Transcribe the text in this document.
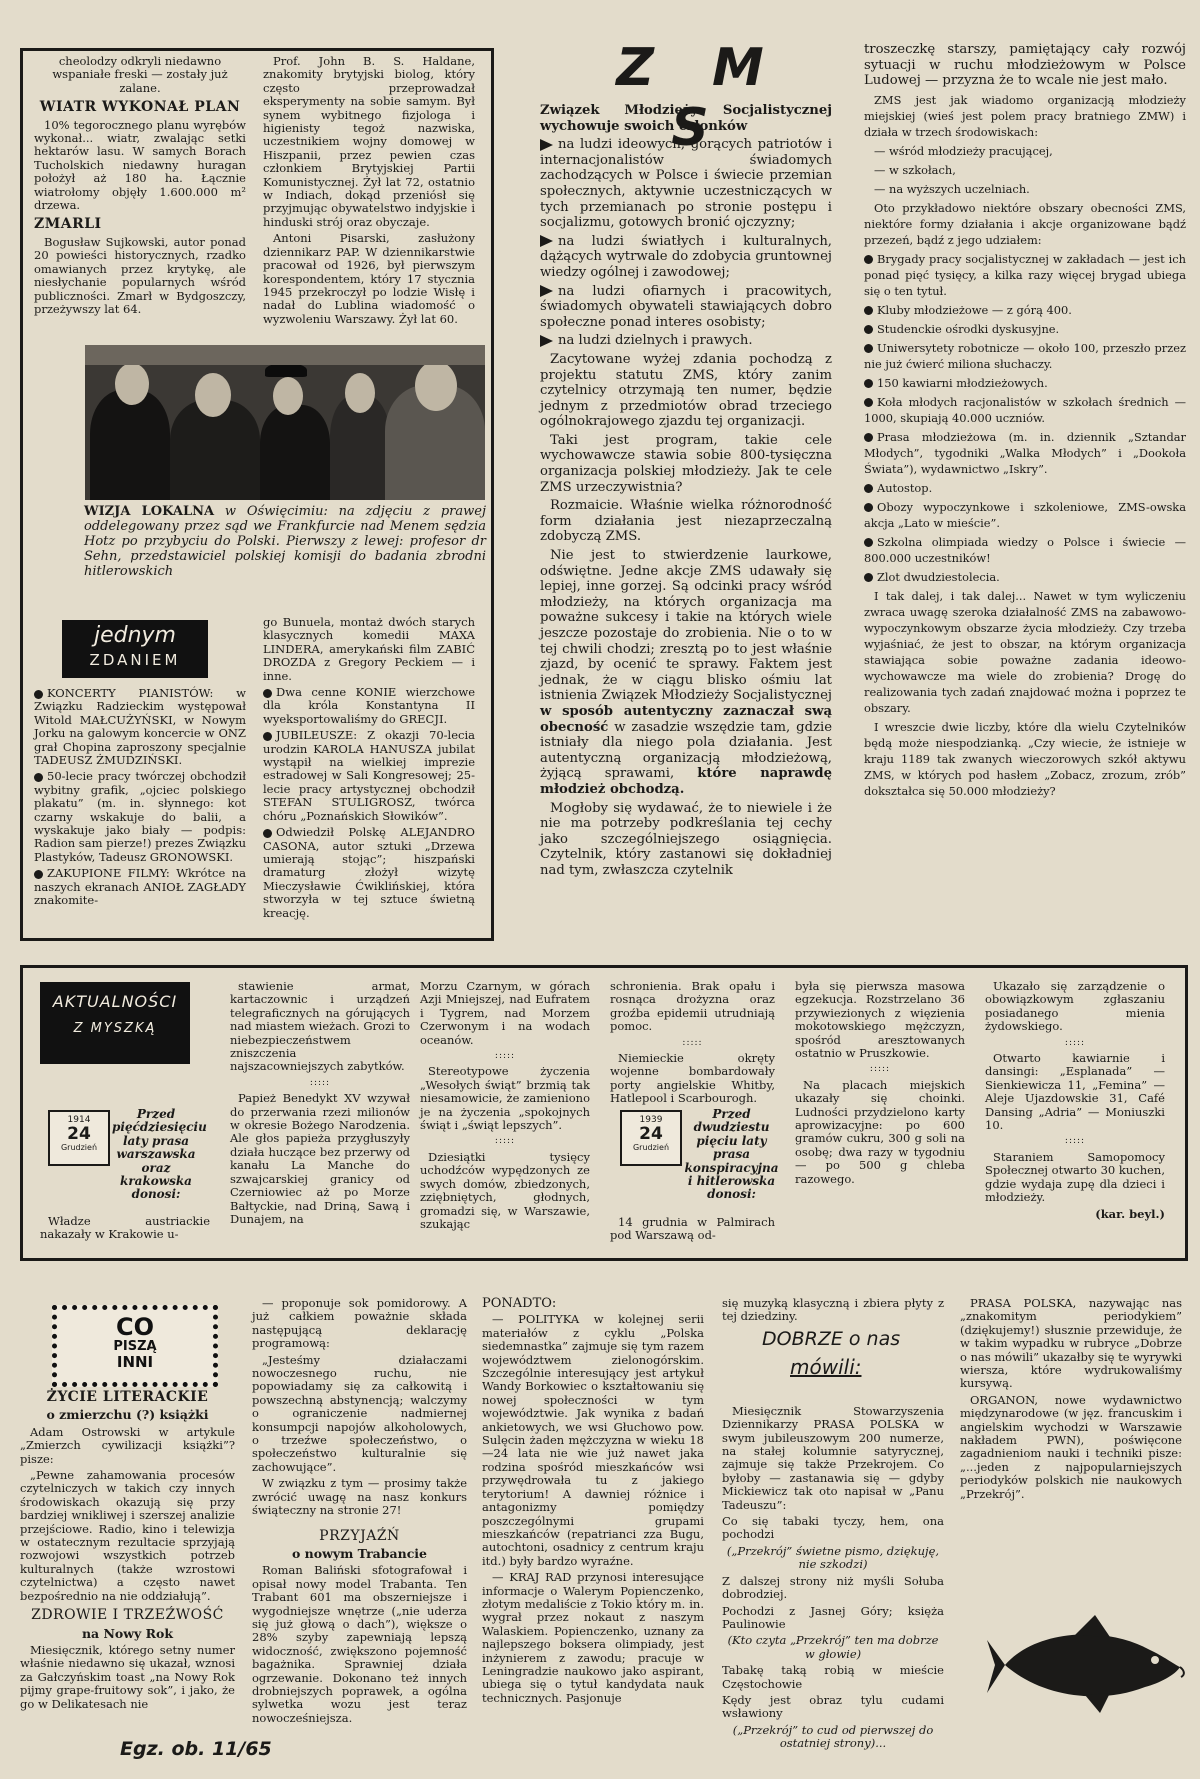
cheolodzy odkryli niedawno wspaniałe freski — zostały już zalane.

WIATR WYKONAŁ PLAN

10% tegorocznego planu wyrębów wykonał... wiatr, zwalając setki hektarów lasu. W samych Borach Tucholskich niedawny huragan położył aż 180 ha. Łącznie wiatrołomy objęły 1.600.000 m² drzewa.

ZMARLI

Bogusław Sujkowski, autor ponad 20 powieści historycznych, rzadko omawianych przez krytykę, ale niesłychanie popularnych wśród publiczności. Zmarł w Bydgoszczy, przeżywszy lat 64.

Prof. John B. S. Haldane, znakomity brytyjski biolog, który często przeprowadzał eksperymenty na sobie samym. Był synem wybitnego fizjologa i higienisty tegoż nazwiska, uczestnikiem wojny domowej w Hiszpanii, przez pewien czas członkiem Brytyjskiej Partii Komunistycznej. Żył lat 72, ostatnio w Indiach, dokąd przeniósł się przyjmując obywatelstwo indyjskie i hinduski strój oraz obyczaje.

Antoni Pisarski, zasłużony dziennikarz PAP. W dziennikarstwie pracował od 1926, był pierwszym korespondentem, który 17 stycznia 1945 przekroczył po lodzie Wisłę i nadał do Lublina wiadomość o wyzwoleniu Warszawy. Żył lat 60.

WIZJA LOKALNA w Oświęcimiu: na zdjęciu z prawej oddelegowany przez sąd we Frankfurcie nad Menem sędzia Hotz po przybyciu do Polski. Pierwszy z lewej: profesor dr Sehn, przedstawiciel polskiej komisji do badania zbrodni hitlerowskich
jednym
ZDANIEM

KONCERTY PIANISTÓW: w Związku Radzieckim występował Witold MAŁCUŻYŃSKI, w Nowym Jorku na galowym koncercie w ONZ grał Chopina zaproszony specjalnie TADEUSZ ŻMUDZIŃSKI.

50-lecie pracy twórczej obchodził wybitny grafik, „ojciec polskiego plakatu” (m. in. słynnego: kot czarny wskakuje do balii, a wyskakuje jako biały — podpis: Radion sam pierze!) prezes Związku Plastyków, Tadeusz GRONOWSKI.

ZAKUPIONE FILMY: Wkrótce na naszych ekranach ANIOŁ ZAGŁADY znakomite-

go Bunuela, montaż dwóch starych klasycznych komedii MAXA LINDERA, amerykański film ZABIĆ DROZDA z Gregory Peckiem — i inne.

Dwa cenne KONIE wierzchowe dla króla Konstantyna II wyeksportowaliśmy do GRECJI.

JUBILEUSZE: Z okazji 70-lecia urodzin KAROLA HANUSZA jubilat wystąpił na wielkiej imprezie estradowej w Sali Kongresowej; 25-lecie pracy artystycznej obchodził STEFAN STULIGROSZ, twórca chóru „Poznańskich Słowików”.

Odwiedził Polskę ALEJANDRO CASONA, autor sztuki „Drzewa umierają stojąc”; hiszpański dramaturg złożył wizytę Mieczysławie Ćwiklińskiej, która stworzyła w tej sztuce świetną kreację.

Z M S

Związek Młodzieży Socjalistycznej wychowuje swoich członków

na ludzi ideowych, gorących patriotów i internacjonalistów świadomych zachodzących w Polsce i świecie przemian społecznych, aktywnie uczestniczących w tych przemianach po stronie postępu i socjalizmu, gotowych bronić ojczyzny;

na ludzi światłych i kulturalnych, dążących wytrwale do zdobycia gruntownej wiedzy ogólnej i zawodowej;

na ludzi ofiarnych i pracowitych, świadomych obywateli stawiających dobro społeczne ponad interes osobisty;

na ludzi dzielnych i prawych.

Zacytowane wyżej zdania pochodzą z projektu statutu ZMS, który zanim czytelnicy otrzymają ten numer, będzie jednym z przedmiotów obrad trzeciego ogólnokrajowego zjazdu tej organizacji.

Taki jest program, takie cele wychowawcze stawia sobie 800-tysięczna organizacja polskiej młodzieży. Jak te cele ZMS urzeczywistnia?

Rozmaicie. Właśnie wielka różnorodność form działania jest niezaprzeczalną zdobyczą ZMS.

Nie jest to stwierdzenie laurkowe, odświętne. Jedne akcje ZMS udawały się lepiej, inne gorzej. Są odcinki pracy wśród młodzieży, na których organizacja ma poważne sukcesy i takie na których wiele jeszcze pozostaje do zrobienia. Nie o to w tej chwili chodzi; zresztą po to jest właśnie zjazd, by ocenić te sprawy. Faktem jest jednak, że w ciągu blisko ośmiu lat istnienia Związek Młodzieży Socjalistycznej w sposób autentyczny zaznaczał swą obecność w zasadzie wszędzie tam, gdzie istniały dla niego pola działania. Jest autentyczną organizacją młodzieżową, żyjącą sprawami, które naprawdę młodzież obchodzą.

Mogłoby się wydawać, że to niewiele i że nie ma potrzeby podkreślania tej cechy jako szczególniejszego osiągnięcia. Czytelnik, który zastanowi się dokładniej nad tym, zwłaszcza czytelnik

troszeczkę starszy, pamiętający cały rozwój sytuacji w ruchu młodzieżowym w Polsce Ludowej — przyzna że to wcale nie jest mało.

ZMS jest jak wiadomo organizacją młodzieży miejskiej (wieś jest polem pracy bratniego ZMW) i działa w trzech środowiskach:

— wśród młodzieży pracującej,

— w szkołach,

— na wyższych uczelniach.

Oto przykładowo niektóre obszary obecności ZMS, niektóre formy działania i akcje organizowane bądź przezeń, bądź z jego udziałem:

Brygady pracy socjalistycznej w zakładach — jest ich ponad pięć tysięcy, a kilka razy więcej brygad ubiega się o ten tytuł.

Kluby młodzieżowe — z górą 400.

Studenckie ośrodki dyskusyjne.

Uniwersytety robotnicze — około 100, przeszło przez nie już ćwierć miliona słuchaczy.

150 kawiarni młodzieżowych.

Koła młodych racjonalistów w szkołach średnich — 1000, skupiają 40.000 uczniów.

Prasa młodzieżowa (m. in. dziennik „Sztandar Młodych”, tygodniki „Walka Młodych” i „Dookoła Świata”), wydawnictwo „Iskry”.

Autostop.

Obozy wypoczynkowe i szkoleniowe, ZMS-owska akcja „Lato w mieście”.

Szkolna olimpiada wiedzy o Polsce i świecie — 800.000 uczestników!

Zlot dwudziestolecia.

I tak dalej, i tak dalej... Nawet w tym wyliczeniu zwraca uwagę szeroka działalność ZMS na zabawowo-wypoczynkowym obszarze życia młodzieży. Czy trzeba wyjaśniać, że jest to obszar, na którym organizacja stawiająca sobie poważne zadania ideowo-wychowawcze ma wiele do zrobienia? Drogę do realizowania tych zadań znajdować można i poprzez te obszary.

I wreszcie dwie liczby, które dla wielu Czytelników będą może niespodzianką. „Czy wiecie, że istnieje w kraju 1189 tak zwanych wieczorowych szkół aktywu ZMS, w których pod hasłem „Zobacz, zrozum, zrób” dokształca się 50.000 młodzieży?

AKTUALNOŚCI
Z MYSZKĄ
1914
24
Grudzień
Przed pięćdziesięciu laty prasa warszawska oraz krakowska donosi:

Władze austriackie nakazały w Krakowie u-

stawienie armat, kartaczownic i urządzeń telegraficznych na górujących nad miastem wieżach. Grozi to niebezpieczeństwem zniszczenia najszacowniejszych zabytków.

:::::

Papież Benedykt XV wzywał do przerwania rzezi milionów w okresie Bożego Narodzenia. Ale głos papieża przygłuszyły działa huczące bez przerwy od kanału La Manche do szwajcarskiej granicy od Czerniowiec aż po Morze Bałtyckie, nad Driną, Sawą i Dunajem, na

Morzu Czarnym, w górach Azji Mniejszej, nad Eufratem i Tygrem, nad Morzem Czerwonym i na wodach oceanów.

:::::

Stereotypowe życzenia „Wesołych świąt” brzmią tak niesamowicie, że zamieniono je na życzenia „spokojnych świąt i „świąt lepszych”.

:::::

Dziesiątki tysięcy uchodźców wypędzonych ze swych domów, zbiedzonych, zziębniętych, głodnych, gromadzi się, w Warszawie, szukając

schronienia. Brak opału i rosnąca drożyzna oraz groźba epidemii utrudniają pomoc.

:::::

Niemieckie okręty wojenne bombardowały porty angielskie Whitby, Hatlepool i Scarbourogh.

1939
24
Grudzień
Przed dwudziestu pięciu laty prasa konspiracyjna i hitlerowska donosi:

14 grudnia w Palmirach pod Warszawą od-

była się pierwsza masowa egzekucja. Rozstrzelano 36 przywiezionych z więzienia mokotowskiego mężczyzn, spośród aresztowanych ostatnio w Pruszkowie.

:::::

Na placach miejskich ukazały się choinki. Ludności przydzielono karty aprowizacyjne: po 600 gramów cukru, 300 g soli na osobę; dwa razy w tygodniu — po 500 g chleba razowego.

Ukazało się zarządzenie o obowiązkowym zgłaszaniu posiadanego mienia żydowskiego.

:::::

Otwarto kawiarnie i dansingi: „Esplanada” — Sienkiewicza 11, „Femina” — Aleje Ujazdowskie 31, Café Dansing „Adria” — Moniuszki 10.

:::::

Staraniem Samopomocy Społecznej otwarto 30 kuchen, gdzie wydaja zupę dla dzieci i młodzieży.

(kar. beyl.)

CO
PISZĄ
INNI
ŻYCIE LITERACKIE
o zmierzchu (?) książki

Adam Ostrowski w artykule „Zmierzch cywilizacji książki”? pisze:

„Pewne zahamowania procesów czytelniczych w takich czy innych środowiskach okazują się przy bardziej wnikliwej i szerszej analizie przejściowe. Radio, kino i telewizja w ostatecznym rezultacie sprzyjają rozwojowi wszystkich potrzeb kulturalnych (także wzrostowi czytelnictwa) a często nawet bezpośrednio na nie oddziałują”.

ZDROWIE I TRZEŹWOŚĆ
na Nowy Rok

Miesięcznik, którego setny numer właśnie niedawno się ukazał, wznosi za Gałczyńskim toast „na Nowy Rok pijmy grape-fruitowy sok”, i jako, że go w Delikatesach nie

— proponuje sok pomidorowy. A już całkiem poważnie składa następującą deklarację programową:

„Jesteśmy działaczami nowoczesnego ruchu, nie popowiadamy się za całkowitą i powszechną abstynencją; walczymy o ograniczenie nadmiernej konsumpcji napojów alkoholowych, o trzeźwe społeczeństwo, o społeczeństwo kulturalnie się zachowujące”.

W związku z tym — prosimy także zwrócić uwagę na nasz konkurs świąteczny na stronie 27!

PRZYJAŹŃ
o nowym Trabancie

Roman Baliński sfotografował i opisał nowy model Trabanta. Ten Trabant 601 ma obszerniejsze i wygodniejsze wnętrze („nie uderza się już głową o dach”), większe o 28% szyby zapewniają lepszą widoczność, zwiększono pojemność bagażnika. Sprawniej działa ogrzewanie. Dokonano też innych drobniejszych poprawek, a ogólna sylwetka wozu jest teraz nowocześniejsza.

PONADTO:

— POLITYKA w kolejnej serii materiałów z cyklu „Polska siedemnastka” zajmuje się tym razem województwem zielonogórskim. Szczególnie interesujący jest artykuł Wandy Borkowiec o kształtowaniu się nowej społeczności w tym województwie. Jak wynika z badań ankietowych, we wsi Głuchowo pow. Sulęcin żaden mężczyzna w wieku 18—24 lata nie wie już nawet jaka rodzina spośród mieszkańców wsi przywędrowała tu z jakiego terytorium! A dawniej różnice i antagonizmy pomiędzy poszczególnymi grupami mieszkańców (repatrianci zza Bugu, autochtoni, osadnicy z centrum kraju itd.) były bardzo wyraźne.

— KRAJ RAD przynosi interesujące informacje o Walerym Popienczenko, złotym medaliście z Tokio który m. in. wygrał przez nokaut z naszym Walaskiem. Popienczenko, uznany za najlepszego boksera olimpiady, jest inżynierem z zawodu; pracuje w Leningradzie naukowo jako aspirant, ubiega się o tytuł kandydata nauk technicznych. Pasjonuje

się muzyką klasyczną i zbiera płyty z tej dziedziny.

DOBRZE o nas
mówili:

Miesięcznik Stowarzyszenia Dziennikarzy PRASA POLSKA w swym jubileuszowym 200 numerze, na stałej kolumnie satyrycznej, zajmuje się także Przekrojem. Co byłoby — zastanawia się — gdyby Mickiewicz tak oto napisał w „Panu Tadeuszu”:

Co się tabaki tyczy, hem, ona pochodzi

(„Przekrój” świetne pismo, dziękuję, nie szkodzi)

Z dalszej strony niż myśli Sołuba dobrodziej.

Pochodzi z Jasnej Góry; księża Paulinowie

(Kto czyta „Przekrój” ten ma dobrze w głowie)

Tabakę taką robią w mieście Częstochowie

Kędy jest obraz tylu cudami wsławiony

(„Przekrój” to cud od pierwszej do ostatniej strony)...

PRASA POLSKA, nazywając nas „znakomitym periodykiem” (dziękujemy!) słusznie przewiduje, że w takim wypadku w rubryce „Dobrze o nas mówili” ukazałby się te wyrywki wiersza, które wydrukowaliśmy kursywą.

ORGANON, nowe wydawnictwo międzynarodowe (w jęz. francuskim i angielskim wychodzi w Warszawie nakładem PWN), poświęcone zagadnieniom nauki i techniki pisze: „...jeden z najpopularniejszych periodyków polskich nie naukowych „Przekrój”.

Egz. ob. 11/65
